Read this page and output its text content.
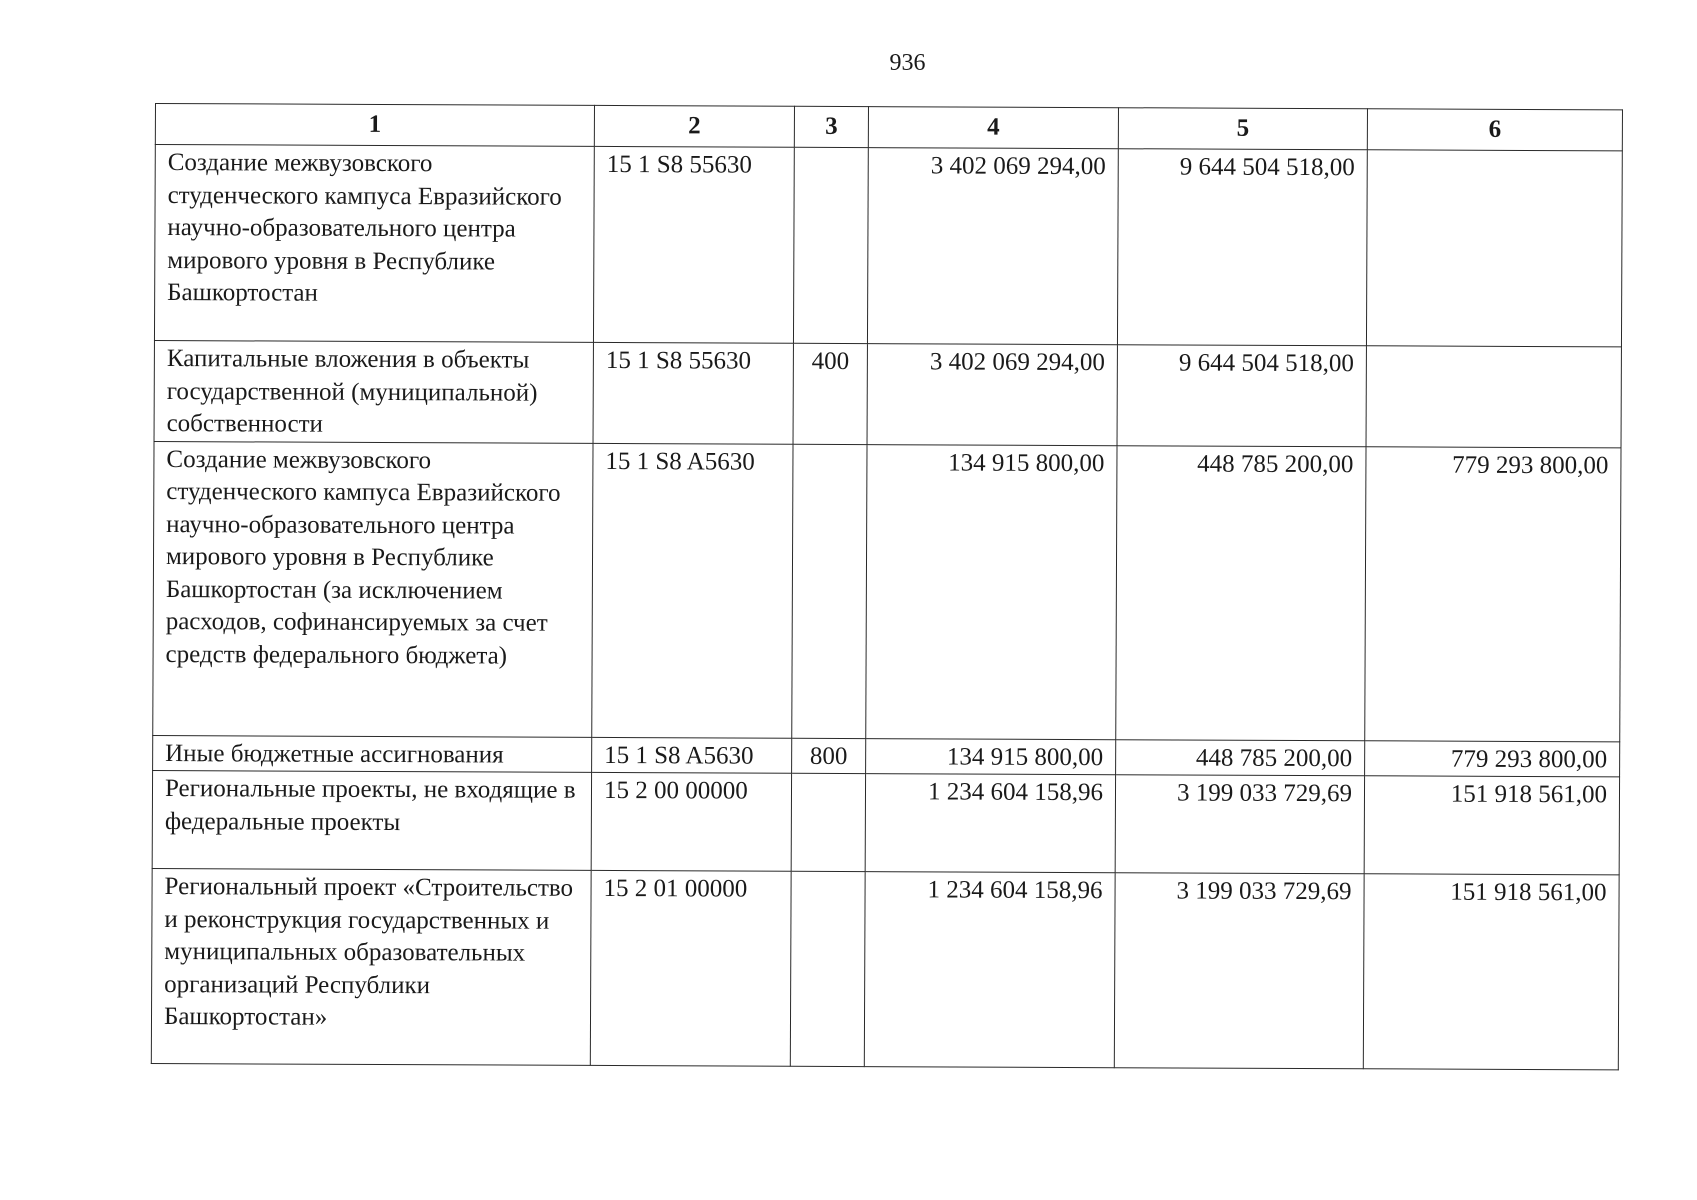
936
1	2	3	4	5	6
Создание межвузовского студенческого кампуса Евразийского научно-образовательного центра мирового уровня в Республике Башкортостан	15 1 S8 55630		3 402 069 294,00	9 644 504 518,00	
Капитальные вложения в объекты государственной (муниципальной) собственности	15 1 S8 55630	400	3 402 069 294,00	9 644 504 518,00	
Создание межвузовского студенческого кампуса Евразийского научно-образовательного центра мирового уровня в Республике Башкортостан (за исключением расходов, софинансируемых за счет средств федерального бюджета)	15 1 S8 A5630		134 915 800,00	448 785 200,00	779 293 800,00
Иные бюджетные ассигнования	15 1 S8 A5630	800	134 915 800,00	448 785 200,00	779 293 800,00
Региональные проекты, не входящие в федеральные проекты	15 2 00 00000		1 234 604 158,96	3 199 033 729,69	151 918 561,00
Региональный проект «Строительство и реконструкция государственных и муниципальных образовательных организаций Республики Башкортостан»	15 2 01 00000		1 234 604 158,96	3 199 033 729,69	151 918 561,00
